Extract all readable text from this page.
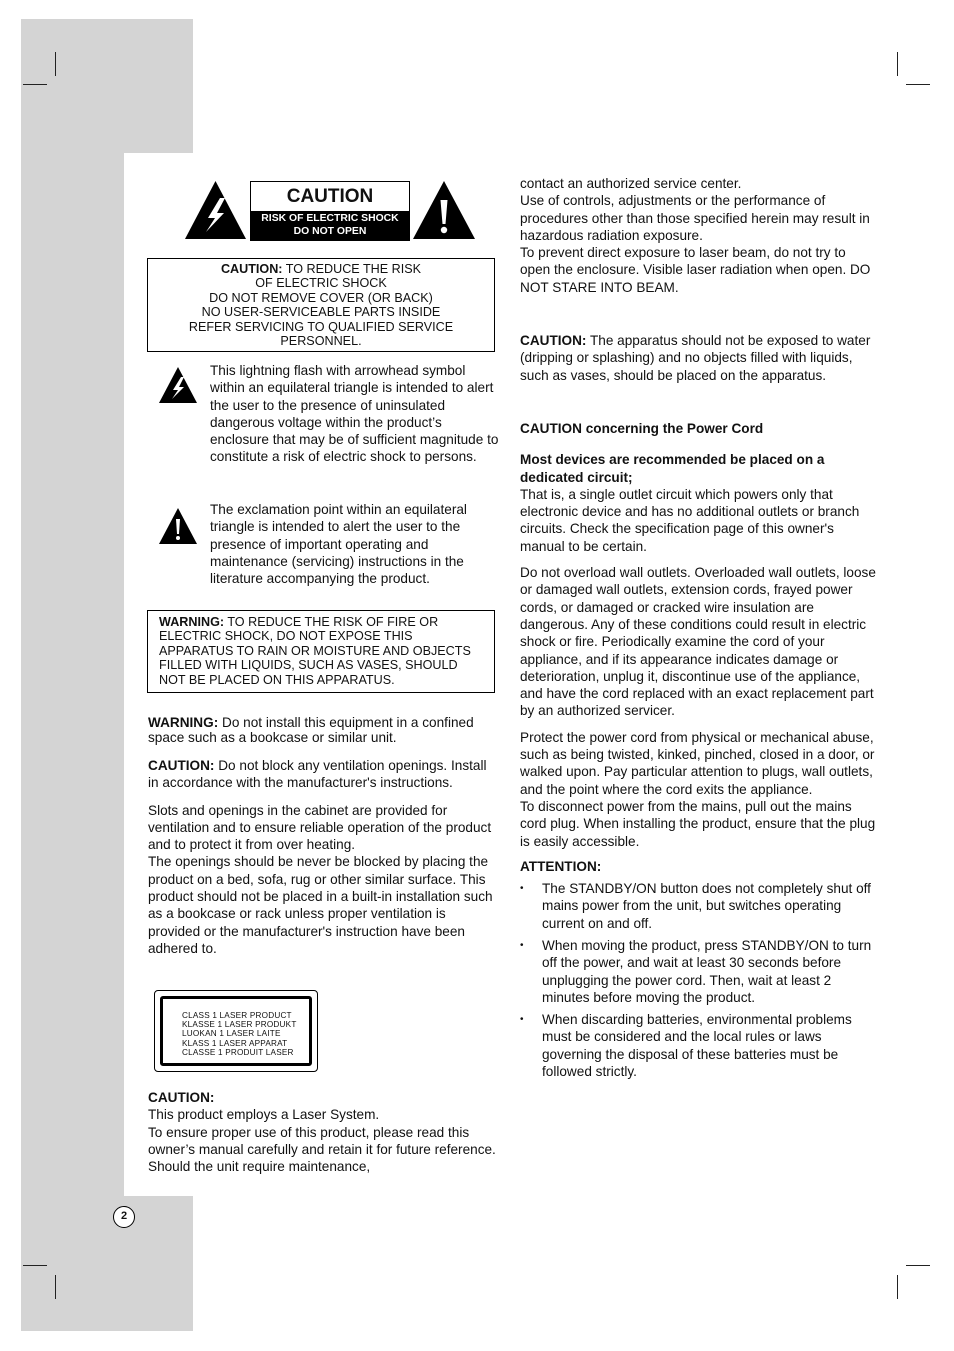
CAUTION
RISK OF ELECTRIC SHOCK
DO NOT OPEN
CAUTION: TO REDUCE THE RISK
OF ELECTRIC SHOCK
DO NOT REMOVE COVER (OR BACK)
NO USER-SERVICEABLE PARTS INSIDE
REFER SERVICING TO QUALIFIED SERVICE
PERSONNEL.
This lightning flash with arrowhead symbol within an equilateral triangle is intended to alert the user to the presence of uninsulated dangerous voltage within the product’s enclosure that may be of sufficient magnitude to constitute a risk of electric shock to persons.
The exclamation point within an equilateral triangle is intended to alert the user to the presence of important operating and maintenance (servicing) instructions in the literature accompanying the product.
WARNING: TO REDUCE THE RISK OF FIRE OR ELECTRIC SHOCK, DO NOT EXPOSE THIS APPARATUS TO RAIN OR MOISTURE AND OBJECTS FILLED WITH LIQUIDS, SUCH AS VASES, SHOULD NOT BE PLACED ON THIS APPARATUS.

WARNING: Do not install this equipment in a confined space such as a bookcase or similar unit.

CAUTION: Do not block any ventilation openings. Install in accordance with the manufacturer's instructions.

Slots and openings in the cabinet are provided for ventilation and to ensure reliable operation of the product and to protect it from over heating.

The openings should be never be blocked by placing the product on a bed, sofa, rug or other similar surface. This product should not be placed in a built-in installation such as a bookcase or rack unless proper ventilation is provided or the manufacturer's instruction have been adhered to.

CLASS 1 LASER PRODUCT
KLASSE 1 LASER PRODUKT
LUOKAN 1 LASER LAITE
KLASS 1 LASER APPARAT
CLASSE 1 PRODUIT LASER

CAUTION:

This product employs a Laser System.

To ensure proper use of this product, please read this owner’s manual carefully and retain it for future reference. Should the unit require maintenance,

contact an authorized service center.

Use of controls, adjustments or the performance of procedures other than those specified herein may result in hazardous radiation exposure.

To prevent direct exposure to laser beam, do not try to open the enclosure. Visible laser radiation when open. DO NOT STARE INTO BEAM.

CAUTION: The apparatus should not be exposed to water (dripping or splashing) and no objects filled with liquids, such as vases, should be placed on the apparatus.

CAUTION concerning the Power Cord

Most devices are recommended be placed on a dedicated circuit;

That is, a single outlet circuit which powers only that electronic device and has no additional outlets or branch circuits. Check the specification page of this owner's manual to be certain.

Do not overload wall outlets. Overloaded wall outlets, loose or damaged wall outlets, extension cords, frayed power cords, or damaged or cracked wire insulation are dangerous. Any of these conditions could result in electric shock or fire. Periodically examine the cord of your appliance, and if its appearance indicates damage or deterioration, unplug it, discontinue use of the appliance, and have the cord replaced with an exact replacement part by an authorized servicer.

Protect the power cord from physical or mechanical abuse, such as being twisted, kinked, pinched, closed in a door, or walked upon. Pay particular attention to plugs, wall outlets, and the point where the cord exits the appliance.

To disconnect power from the mains, pull out the mains cord plug. When installing the product, ensure that the plug is easily accessible.

ATTENTION:

• The STANDBY/ON button does not completely shut off mains power from the unit, but switches operating current on and off.
• When moving the product, press STANDBY/ON to turn off the power, and wait at least 30 seconds before unplugging the power cord. Then, wait at least 2 minutes before moving the product.
• When discarding batteries, environmental problems must be considered and the local rules or laws governing the disposal of these batteries must be followed strictly.
2
